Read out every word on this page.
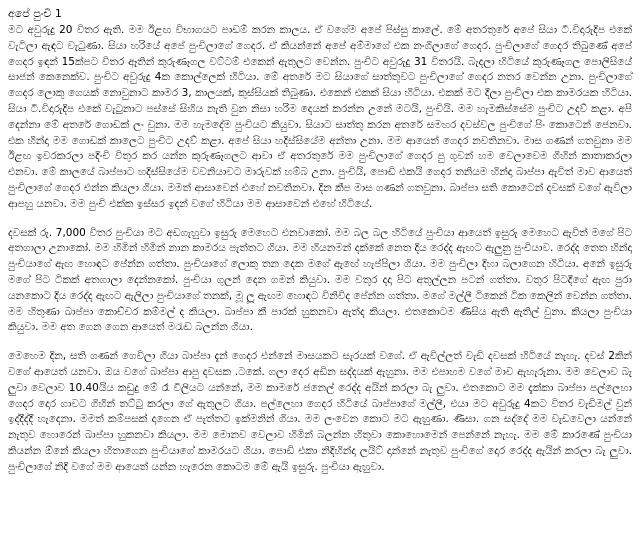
අපේ පුංචි 1

මට අවුරුදු 20 විතර ඇති. මම ඊළඟ විභාගයට පාඩම් කරන කාලය. ඒ වගේම අපේ පිස්සු කාලේ. මේ අතරතුරේ අපේ සියා ටී.විදාරුදිප එකේ වැටිලා ඇඳට වැටුණා. සියා හරියේ අපේ පුංචිලාගේ ගෙදර. ඒ කියන්නේ අපේ අම්මාගේ එක නංගිලාගේ ගෙදර. පුංචිලාගේ ගෙදර තිබුණේ අපේ ගෙදර ඉඳන් 15ක්පට විතර ඈතින් කුරුණෑගල වට්ටම් එකෙන් ඇතුලට වෙන්න. පුංචිට අවුරුදු 31 විතරයි. බැදලා හිටියේ කුරුණෑගල පොලිසියේ සාජන් කෙනෙක්ව. පුංචිට අවුරුදු 4ක කොල්ලෙක් හිටියා. මේ අතරේ මට සියාගේ සාත්තුවට පුංචිලාගේ ගෙදර නතර වෙන්න උනා. පුංචිලාගේ ගෙදර ලොකු ගෙයක් නොවුනාට කාමර 3, කාලයක්, කුස්සියක් තිබුණා. එකෙන් එකක් සියා හිටියා. එකක් මට දීලා පුංචිලා එක කාමරයක හිටියා. සියා ටී.විදාරුදිප එකේ වැටුනාට පස්සේ සිහිය නැති වුන නිසා හරිම දෙයක් කරන්න උනේ මටයි, පුංචියි. මම හැමකිස්සේම පුංචිට උදව් කළා. අපි දෙන්නා මේ අතරේ ගොඩක් ලං වුනා. මම හැමදේම පුංචියට කියුවා. සියාට සාත්තු කරන අතරේ සමහර දවස්වල පුංචිගේ පිං කොටෙන් ජෙනවා. එක හින්දා මම ගොඩක් කාලෙට පුංචිට උදව් කළා. අපේ සියා හදිස්සියේම අන්තා උනා. මම ආයෙත් ගෙදර නවතිනවා. මාස ගණන් ගතවුනා මම ඊළඟ ඉවරකරලා පදිංචි විතුර කර යන්න කුරුණෑගලට ආවා ඒ අතරතුරේ මම පුංචිලාගේ ගෙදර පු ගුවන් හම වෙලාවෙම ගිහින් කාතාකරලා එනවා. මේ කාලයේ බාප්පාට හදිස්සියේම වවනියාවට මාරුවක් හම්බ උනා. පුංචියි, පොඩි එකයි ගෙදර තනියම හින්දා බාප්පා ඇවිත් මාව ආයෙත් පුංචිලාගේ ගෙදර එන්න කියලා ගියා. මමත් ආසාවෙන් එහේ නවතිනවා. දින කීප මාස ගණන් ගතවුනා. බාප්පා සති කොටෙන් දවසක් වගේ ඇවිලා ආපහු යනවා. මම පුංචි එක්ක ඉස්සර ඉදන් වගේ හිටියා මම ආසාවෙන් එහේ හිටියේ.

දවසක් රු. 7,000 විතර පුංචියා මට අඩගැහුවා ඉසුරු මෙහෙට එනවාකෝ. මම බල බල හිටියේ පුංචියා ආයෙත් ඉසුරු මෙහෙට ඇවිත් මගේ පිට අතගාලා උනාකෝ. මම හිමින් හිමින් නාන කාමරය පැත්තට ගියා. මම හියනමන් දක්කේ නෙත දිය රෙද්ද ඇඟට ඇලුනු පුංචියාව. රෙද්ද තෙත හින්දා පුංචියාගේ ඇඟ හොඳට පේන්න ගත්තා. පුංචියාගේ ලොකු තන දෙක මගේ ඇඟේ හැප්පිලා ගියා. මම පුංචිලා දිහා බලාගෙන හිටියා. අනේ ඉසුරු මගේ පිට ටිකක් අතගාලා දෙන්නකෝ. පුංචියා ගුලන් දෙන ගමන් කියුවා. මම වතුර දදා පිට අතුල්ලන පටන් ගත්තා. වතුර පිටදීගේ ඇඟ පුරා යනකොට දිය රෙද්ද ඇඟට ඇලිලා පුංචියාගේ තනක්, මූ ලූ ඇඟම හොඳට විනිවිද පේන්න ගත්තා. මගේ මල්ලී ටිකෙන් ටික කෙලින් වෙන්න ගත්තා. මම හිතුණා බාප්පා කොච්චර කම්මල් ද කියලා. බාප්පා කී පාරක් හුකනවා ඇත්ද කියලා. එතකොටම ණීසිය ඇති ඇතිල් වුනා. කියලා පුංචියා කියුවා. මම අත ගෙන ගෙන ආයෙත් මරැඬ බලන්න ගියා.

මෙහෙම දින, සති ගණන් ගෙවිලා ගියා බාප්පා දැන් ගෙදර එන්නේ මාසයකට සැරයක් වගේ. ඒ ඇවිල්ලත් වැඩි දවසක් හිටියේ නැහැ. දවස් 2කින් වගේ ආයෙත් යනවා. ඔය වගේ බාප්පා ආපු දවසක .ටකේ. ගලා දෙර අඩින සද්දයක් ඇහුනා. මම එපාහම වගේ මාව ඇහැරුනා. මම වෙලාව බැ ලුවා වෙලාව 10.40යිය කඩුදු මේ රෑ වීලියට යන්නේ, මම කාමරේ ජනෙල් රෙද්ද අයින් කරලා බැ ලුවා. එතකොට මම දැක්කා බාප්පා පල්ලෙහා ගෙදර දොර ගාවට ගිහින් තට්ටු කරලා ගේ ඇතුලට ගියා. පල්ලෙහා ගෙදර හිටියේ බාප්පාගේ මල්ලී, එයා මට අවුරුදු 4කට විතර වැඩිමල් වුන් ඉද්දීද්දී හැදෙනා. මමත් කම්පසක් දාගෙන ඒ පැත්තට ඉක්මනින් ගියා. මම ලංවෙන කොට මට ඇහුණා. ණීසා. ගන සද්දේ මම වැඩවෙලා යන්නේ නැතුව හොරෙන් බාප්පා හුකනවා කියලා. මම මොනව වෙලාව හිමින් බලන්න හිතුවා කොහොමෙන් පෙන්නේ නැහැ. මම මේ කාරණේ පුංචියා කියන්න ඕනේ කියලා හිතාගෙන පුංචියාගේ කාමරයට ගියා. පොඩි එකා නිදිහින්දා ලයිට් දාන්නේ නැතුව පුංචිගේ දොර රෙද්ද ඇයින් කරලා බැ ලුවා. පුංචිලාගේ නිදි වගේ මම ආයෙත් යන්න හැරෙන කොටම මේ ඇයි ඉසුරු. පුංචියා ඇහුවා.
